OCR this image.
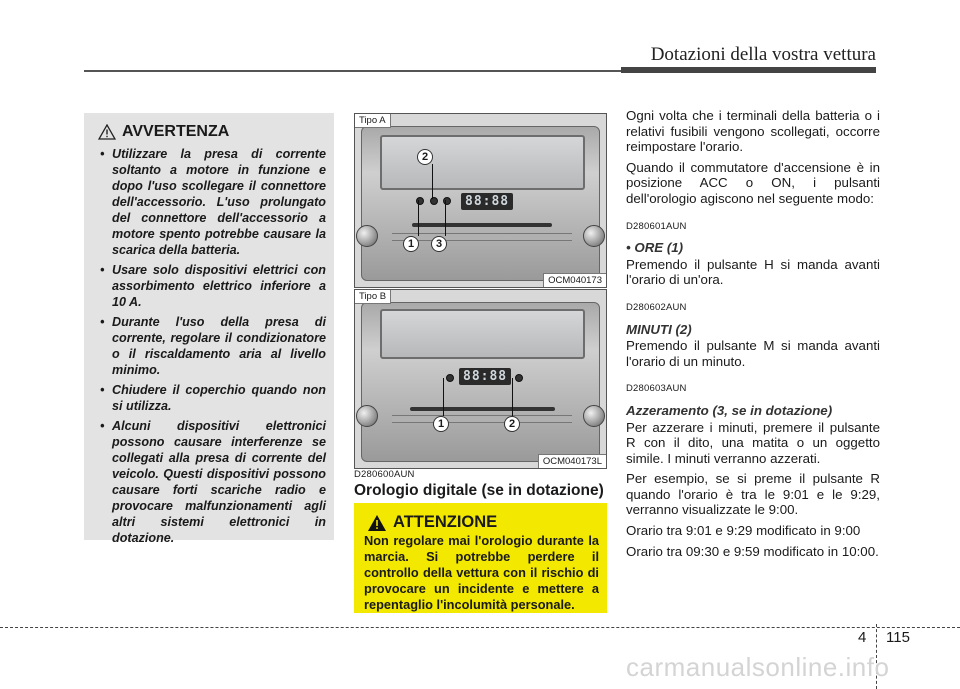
Dotazioni della vostra vettura
AVVERTENZA
• Utilizzare la presa di corrente soltanto a motore in funzione e dopo l'uso scollegare il connettore dell'accessorio. L'uso prolungato del connettore dell'accessorio a motore spento potrebbe causare la scarica della batteria.
• Usare solo dispositivi elettrici con assorbimento elettrico inferiore a 10 A.
• Durante l'uso della presa di corrente, regolare il condizionatore o il riscaldamento aria al livello minimo.
• Chiudere il coperchio quando non si utilizza.
• Alcuni dispositivi elettronici possono causare interferenze se collegati alla presa di corrente del veicolo. Questi dispositivi possono causare forti scariche radio e provocare malfunzionamenti agli altri sistemi elettronici in dotazione.
88:88
2
1	3
Tipo A
OCM040173
88:88
1	2
Tipo B
OCM040173L
D280600AUN
Orologio digitale (se in dotazione)
ATTENZIONE
Non regolare mai l'orologio durante la marcia. Si potrebbe perdere il controllo della vettura con il rischio di provocare un incidente e mettere a repentaglio l'incolumità personale.

Ogni volta che i terminali della batteria o i relativi fusibili vengono scollegati, occorre reimpostare l'orario.

Quando il commutatore d'accensione è in posizione ACC o ON, i pulsanti dell'orologio agiscono nel seguente modo:

D280601AUN
• ORE (1)

Premendo il pulsante H si manda avanti l'orario di un'ora.

D280602AUN
MINUTI (2)

Premendo il pulsante M si manda avanti l'orario di un minuto.

D280603AUN
Azzeramento (3, se in dotazione)

Per azzerare i minuti, premere il pulsante R con il dito, una matita o un oggetto simile. I minuti verranno azzerati.

Per esempio, se si preme il pulsante R quando l'orario è tra le 9:01 e le 9:29, verranno visualizzate le 9:00.

Orario tra 9:01 e 9:29 modificato in 9:00

Orario tra 09:30 e 9:59 modificato in 10:00.

4 115
carmanualsonline.info
